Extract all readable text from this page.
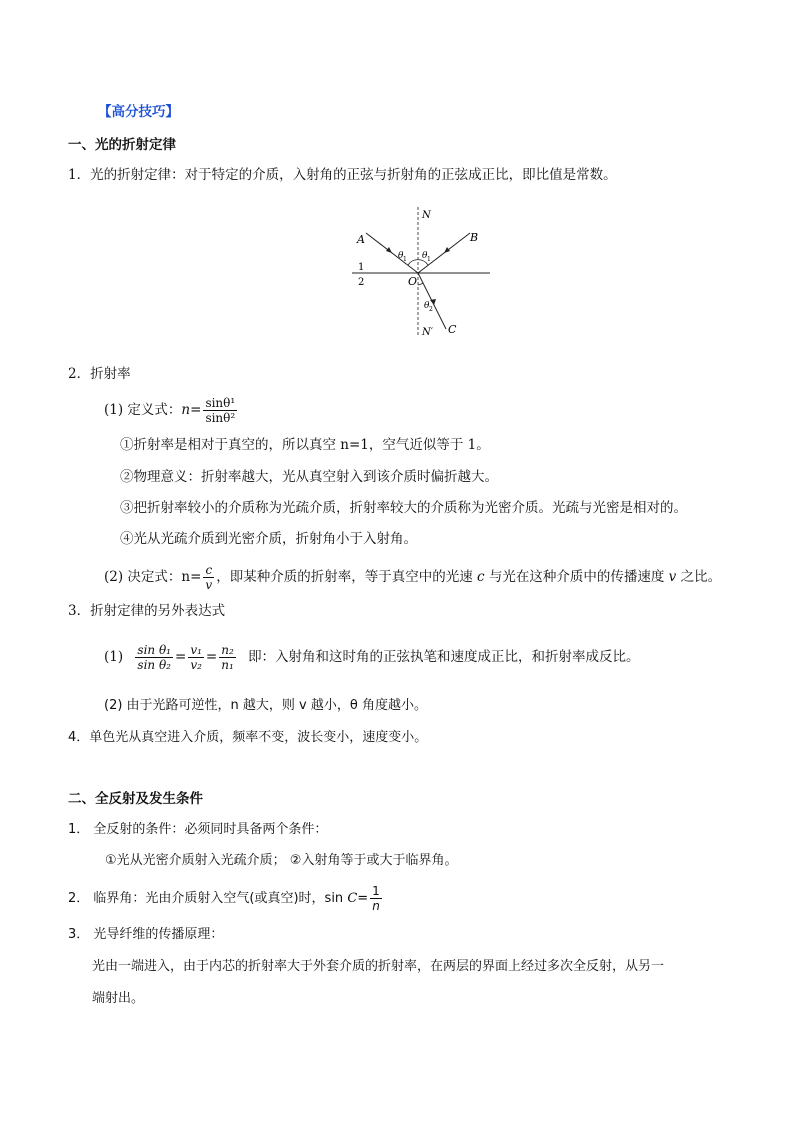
【高分技巧】
一、光的折射定律
1．光的折射定律：对于特定的介质，入射角的正弦与折射角的正弦成正比，即比值是常数。
A	B
N
O
N′ C
1
2
θ 1 θ 1
θ 2
2．折射率
(1) 定义式：$n= \frac{\text{sinθ¹}}{\text{sinθ²}}$
①折射率是相对于真空的，所以真空 n=1，空气近似等于 1。
②物理意义：折射率越大，光从真空射入到该介质时偏折越大。
③把折射率较小的介质称为光疏介质，折射率较大的介质称为光密介质。光疏与光密是相对的。
④光从光疏介质到光密介质，折射角小于入射角。
(2) 决定式：$n= \frac{c}{v}$ ，即某种介质的折射率，等于真空中的光速 c 与光在这种介质中的传播速度 v 之比。
3．折射定律的另外表达式
$(1) \frac{\text{sin θ₁}}{\text{sin θ₂}} = \frac{\text{v₁}}{\text{v₂}} = \frac{\text{n₂}}{\text{n₁}}$ 即：入射角和这时角的正弦执笔和速度成正比，和折射率成反比。
(2) 由于光路可逆性，n 越大，则 v 越小，θ 角度越小。
4．单色光从真空进入介质，频率不变，波长变小，速度变小。
二、全反射及发生条件
1． 全反射的条件：必须同时具备两个条件：
①光从光密介质射入光疏介质； ②入射角等于或大于临界角。
2． 临界角：光由介质射入空气(或真空)时，$\sin C= \frac{1}{n}$
3． 光导纤维的传播原理：
光由一端进入，由于内芯的折射率大于外套介质的折射率，在两层的界面上经过多次全反射，从另一
端射出。
